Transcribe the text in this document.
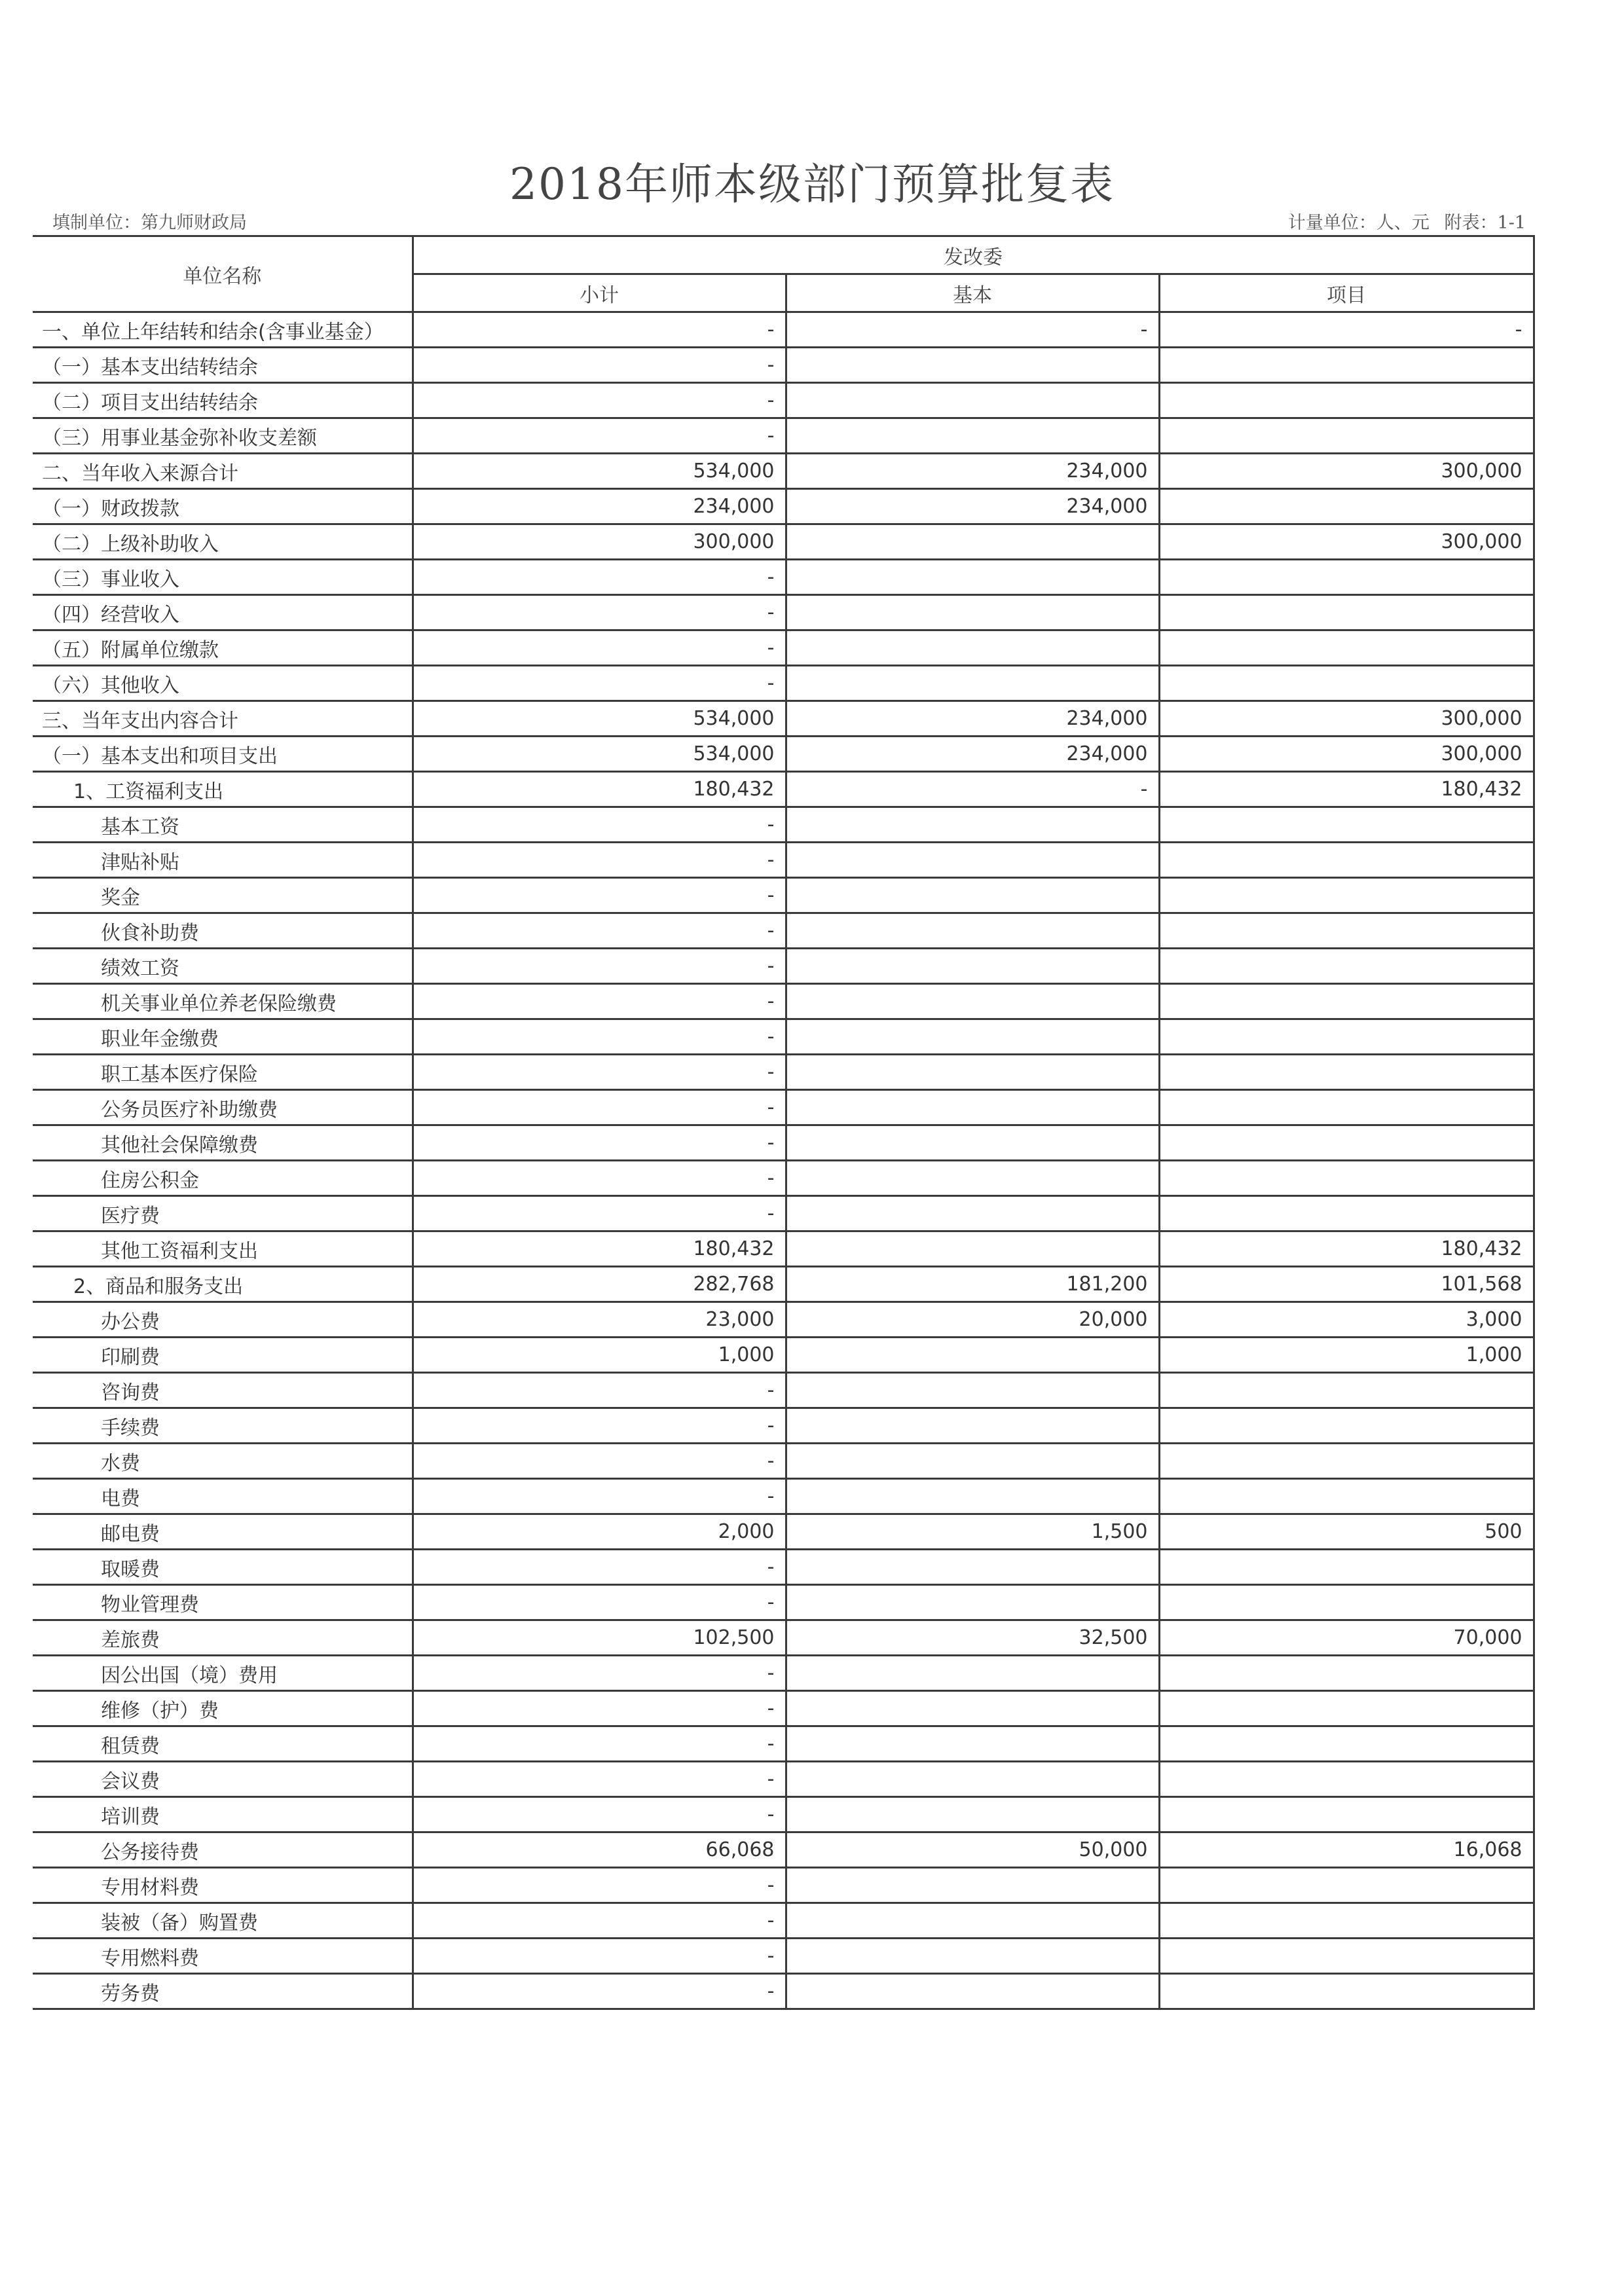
2018年师本级部门预算批复表
填制单位：第九师财政局	计量单位：人、元 附表：1-1
单位名称	发改委		
	小计	基本	项目
一、单位上年结转和结余(含事业基金）	-	-	-
（一）基本支出结转结余	-		
（二）项目支出结转结余	-		
（三）用事业基金弥补收支差额	-		
二、当年收入来源合计	534,000	234,000	300,000
（一）财政拨款	234,000	234,000	
（二）上级补助收入	300,000		300,000
（三）事业收入	-		
（四）经营收入	-		
（五）附属单位缴款	-		
（六）其他收入	-		
三、当年支出内容合计	534,000	234,000	300,000
（一）基本支出和项目支出	534,000	234,000	300,000
1、工资福利支出	180,432	-	180,432
基本工资	-		
津贴补贴	-		
奖金	-		
伙食补助费	-		
绩效工资	-		
机关事业单位养老保险缴费	-		
职业年金缴费	-		
职工基本医疗保险	-		
公务员医疗补助缴费	-		
其他社会保障缴费	-		
住房公积金	-		
医疗费	-		
其他工资福利支出	180,432		180,432
2、商品和服务支出	282,768	181,200	101,568
办公费	23,000	20,000	3,000
印刷费	1,000		1,000
咨询费	-		
手续费	-		
水费	-		
电费	-		
邮电费	2,000	1,500	500
取暖费	-		
物业管理费	-		
差旅费	102,500	32,500	70,000
因公出国（境）费用	-		
维修（护）费	-		
租赁费	-		
会议费	-		
培训费	-		
公务接待费	66,068	50,000	16,068
专用材料费	-		
装被（备）购置费	-		
专用燃料费	-		
劳务费	-		
